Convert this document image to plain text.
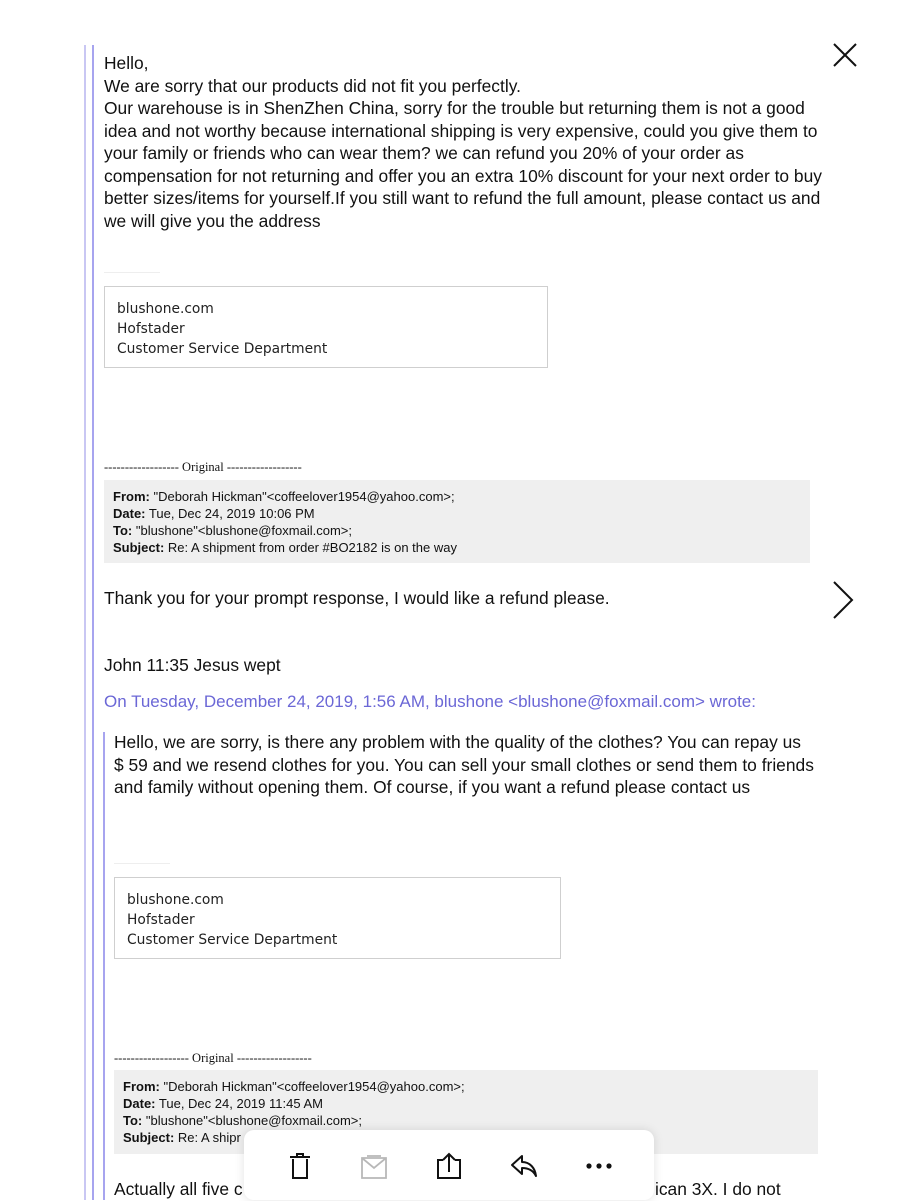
Hello,

We are sorry that our products did not fit you perfectly.

Our warehouse is in ShenZhen China, sorry for the trouble but returning them is not a good idea and not worthy because international shipping is very expensive, could you give them to your family or friends who can wear them? we can refund you 20% of your order as compensation for not returning and offer you an extra 10% discount for your next order to buy better sizes/items for yourself.If you still want to refund the full amount, please contact us and we will give you the address

blushone.com
Hofstader
Customer Service Department
------------------ Original ------------------
From: "Deborah Hickman"<coffeelover1954@yahoo.com>;
Date: Tue, Dec 24, 2019 10:06 PM
To: "blushone"<blushone@foxmail.com>;
Subject: Re: A shipment from order #BO2182 is on the way
Thank you for your prompt response, I would like a refund please.
John 11:35 Jesus wept
On Tuesday, December 24, 2019, 1:56 AM, blushone <blushone@foxmail.com> wrote:
Hello, we are sorry, is there any problem with the quality of the clothes? You can repay us $ 59 and we resend clothes for you. You can sell your small clothes or send them to friends and family without opening them. Of course, if you want a refund please contact us
blushone.com
Hofstader
Customer Service Department
------------------ Original ------------------
From: "Deborah Hickman"<coffeelover1954@yahoo.com>;
Date: Tue, Dec 24, 2019 11:45 AM
To: "blushone"<blushone@foxmail.com>;
Subject: Re: A shipr
Actually all five c	ican 3X. I do not
